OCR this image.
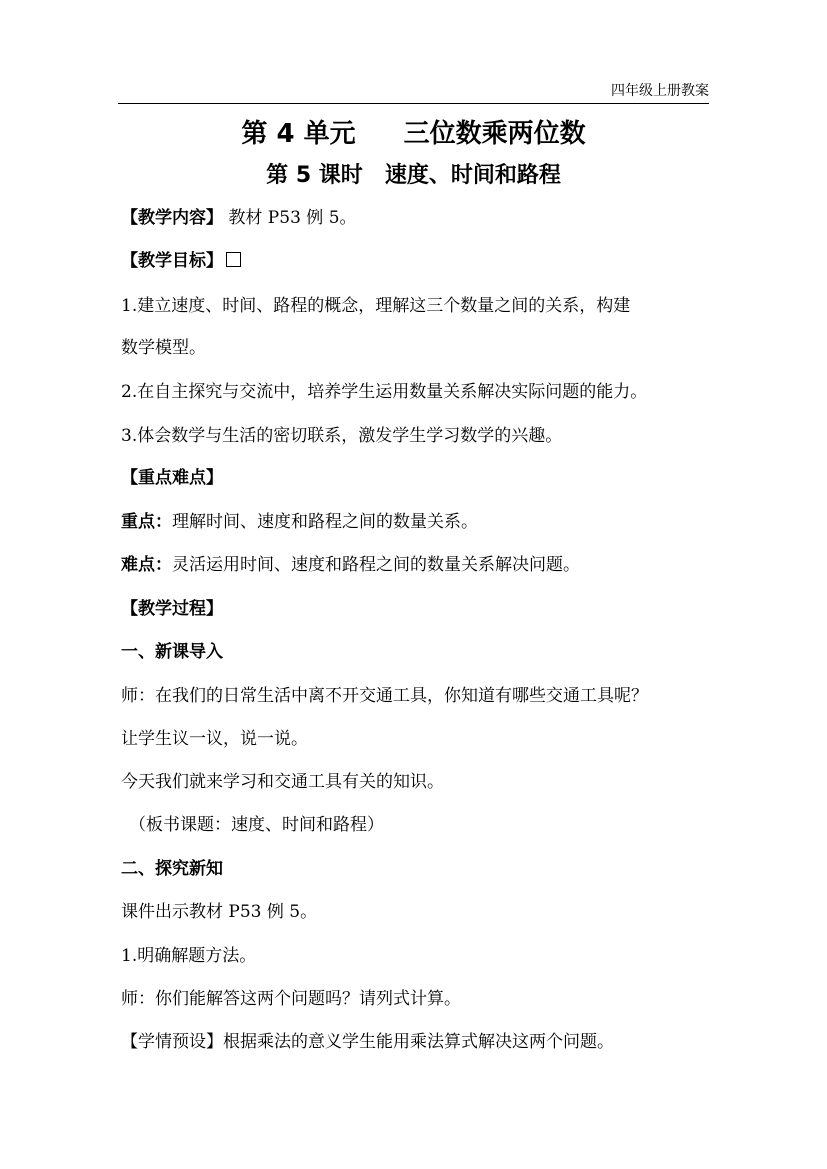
四年级上册教案
第 4 单元 三位数乘两位数
第 5 课时 速度、时间和路程
【教学内容】 教材 P53 例 5。
【教学目标】
1.建立速度、时间、路程的概念，理解这三个数量之间的关系，构建
数学模型。
2.在自主探究与交流中，培养学生运用数量关系解决实际问题的能力。
3.体会数学与生活的密切联系，激发学生学习数学的兴趣。
【重点难点】
重点：理解时间、速度和路程之间的数量关系。
难点：灵活运用时间、速度和路程之间的数量关系解决问题。
【教学过程】
一、新课导入
师：在我们的日常生活中离不开交通工具，你知道有哪些交通工具呢？
让学生议一议，说一说。
今天我们就来学习和交通工具有关的知识。
（板书课题：速度、时间和路程）
二、探究新知
课件出示教材 P53 例 5。
1.明确解题方法。
师：你们能解答这两个问题吗？请列式计算。
【学情预设】根据乘法的意义学生能用乘法算式解决这两个问题。
